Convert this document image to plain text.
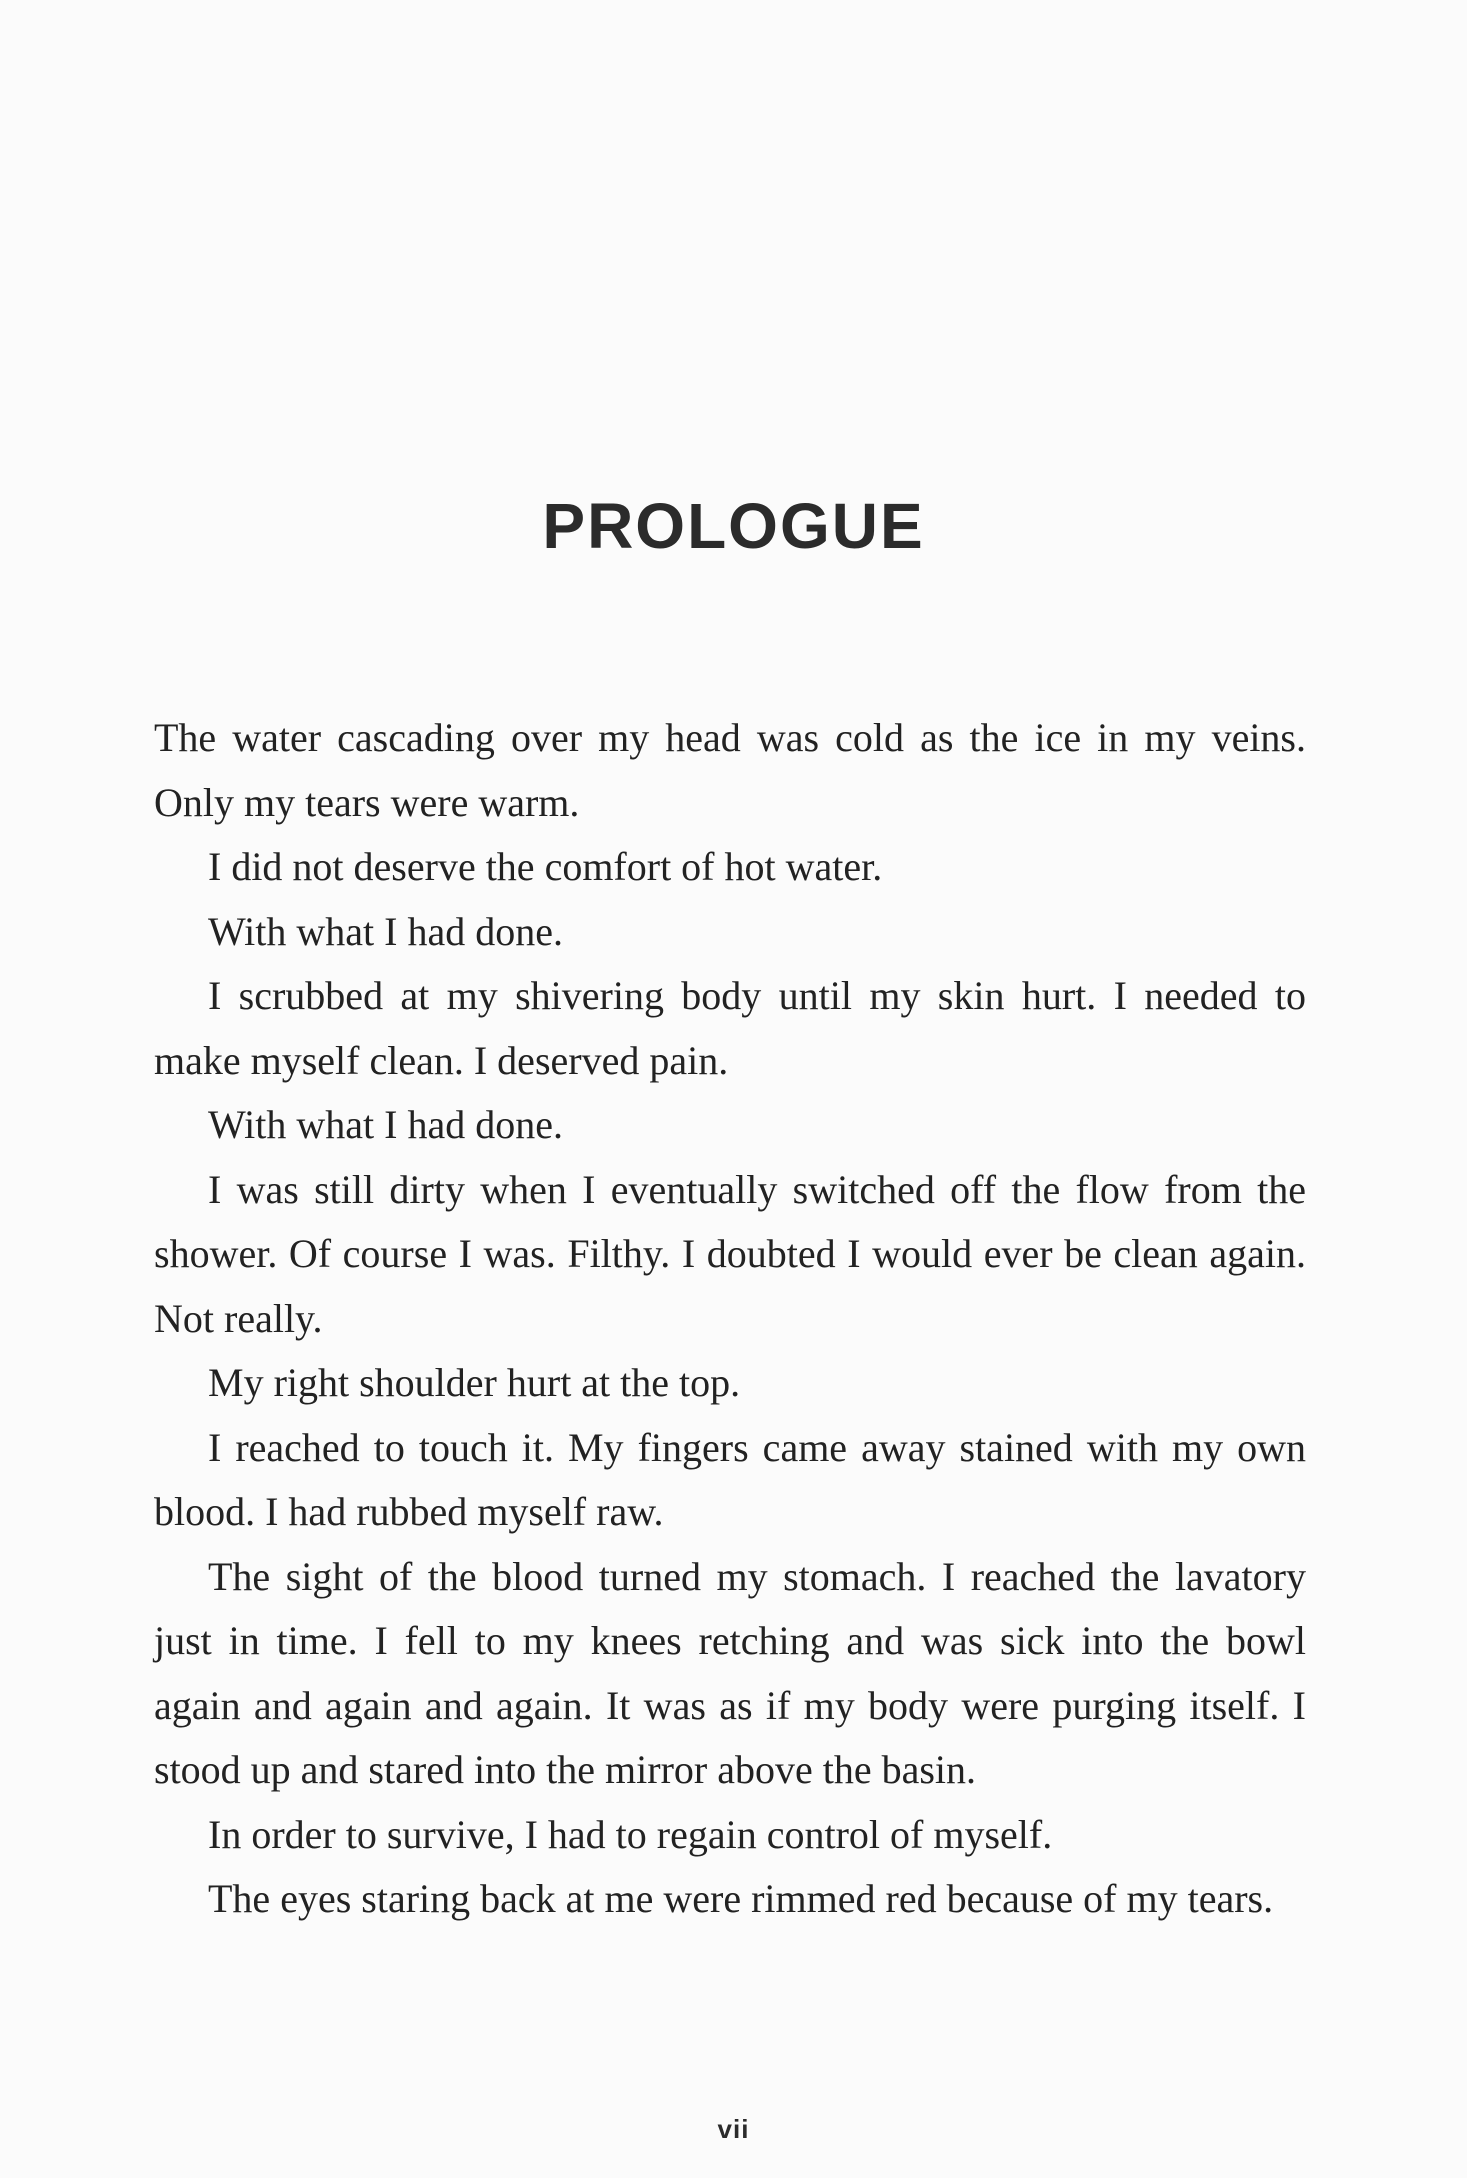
PROLOGUE

The water cascading over my head was cold as the ice in my veins. Only my tears were warm.

I did not deserve the comfort of hot water.

With what I had done.

I scrubbed at my shivering body until my skin hurt. I needed to make myself clean. I deserved pain.

With what I had done.

I was still dirty when I eventually switched off the flow from the shower. Of course I was. Filthy. I doubted I would ever be clean again. Not really.

My right shoulder hurt at the top.

I reached to touch it. My fingers came away stained with my own blood. I had rubbed myself raw.

The sight of the blood turned my stomach. I reached the lavatory just in time. I fell to my knees retching and was sick into the bowl again and again and again. It was as if my body were purging itself. I stood up and stared into the mirror above the basin.

In order to survive, I had to regain control of myself.

The eyes staring back at me were rimmed red because of my tears.

vii
